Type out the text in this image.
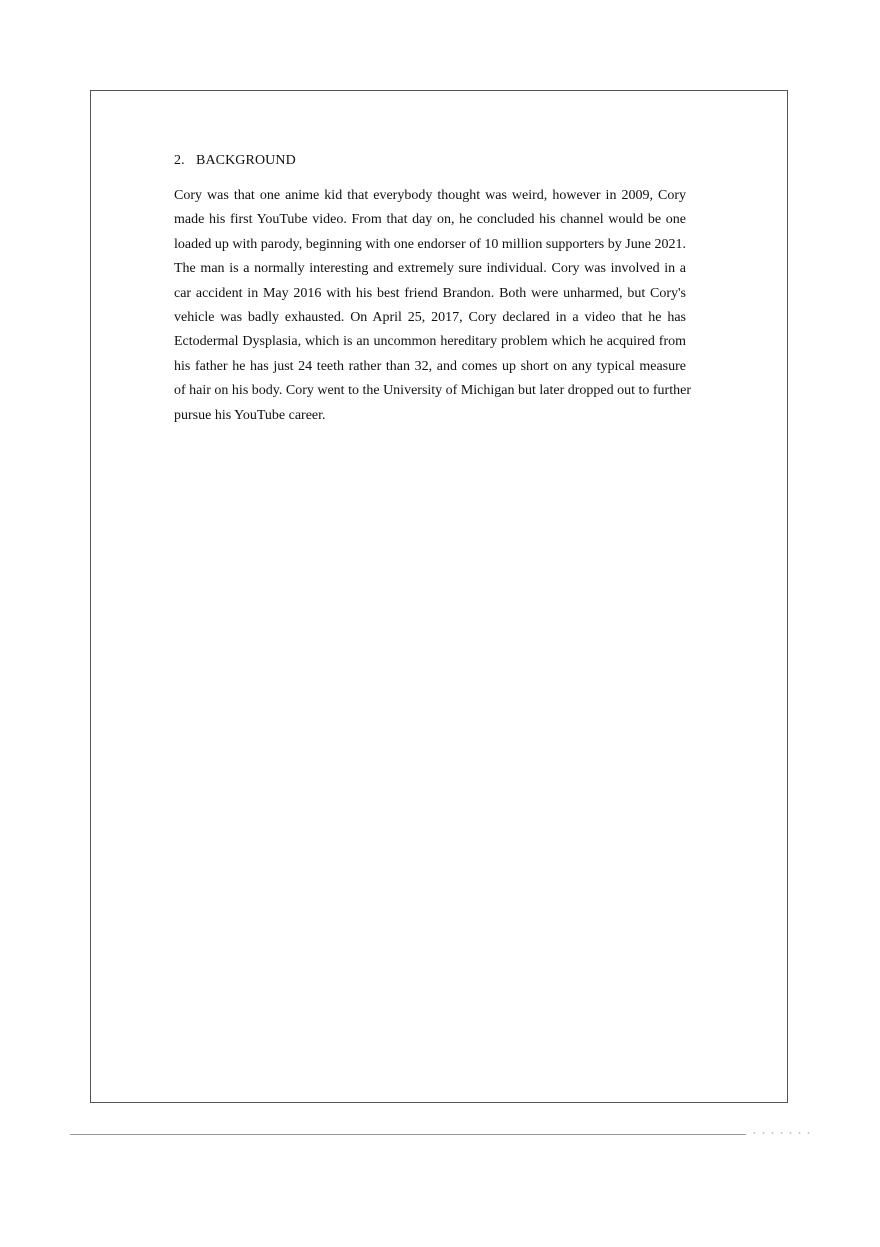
2. BACKGROUND
Cory was that one anime kid that everybody thought was weird, however in 2009, Cory
made his first YouTube video. From that day on, he concluded his channel would be one
loaded up with parody, beginning with one endorser of 10 million supporters by June 2021.
The man is a normally interesting and extremely sure individual. Cory was involved in a
car accident in May 2016 with his best friend Brandon. Both were unharmed, but Cory's
vehicle was badly exhausted. On April 25, 2017, Cory declared in a video that he has
Ectodermal Dysplasia, which is an uncommon hereditary problem which he acquired from
his father he has just 24 teeth rather than 32, and comes up short on any typical measure
of hair on his body. Cory went to the University of Michigan but later dropped out to further
pursue his YouTube career.
